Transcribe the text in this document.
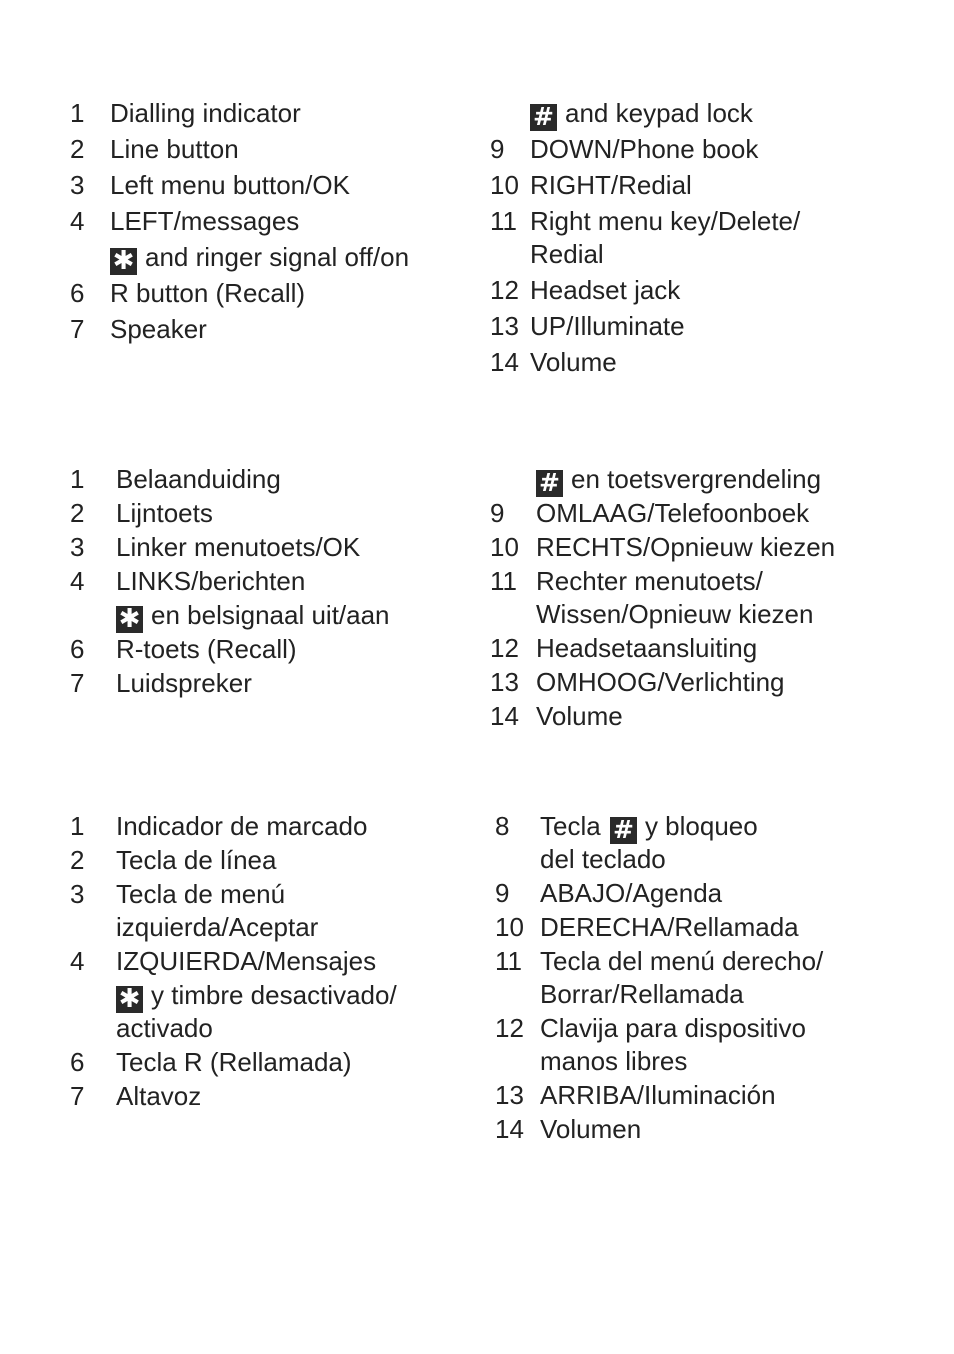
1 Dialling indicator
2 Line button
3 Left menu button/OK
4 LEFT/messages
✱ and ringer signal off/on
6 R button (Recall)
7 Speaker
# and keypad lock
9 DOWN/Phone book
10 RIGHT/Redial
11 Right menu key/Delete/
Redial
12 Headset jack
13 UP/Illuminate
14 Volume
1 Belaanduiding
2 Lijntoets
3 Linker menutoets/OK
4 LINKS/berichten
✱ en belsignaal uit/aan
6 R-toets (Recall)
7 Luidspreker
# en toetsvergrendeling
9 OMLAAG/Telefoonboek
10 RECHTS/Opnieuw kiezen
11 Rechter menutoets/
Wissen/Opnieuw kiezen
12 Headsetaansluiting
13 OMHOOG/Verlichting
14 Volume
1 Indicador de marcado
2 Tecla de línea
3 Tecla de menú
izquierda/Aceptar
4 IZQUIERDA/Mensajes
✱ y timbre desactivado/
activado
6 Tecla R (Rellamada)
7 Altavoz
8 Tecla # y bloqueo
del teclado
9 ABAJO/Agenda
10 DERECHA/Rellamada
11 Tecla del menú derecho/
Borrar/Rellamada
12 Clavija para dispositivo
manos libres
13 ARRIBA/Iluminación
14 Volumen
